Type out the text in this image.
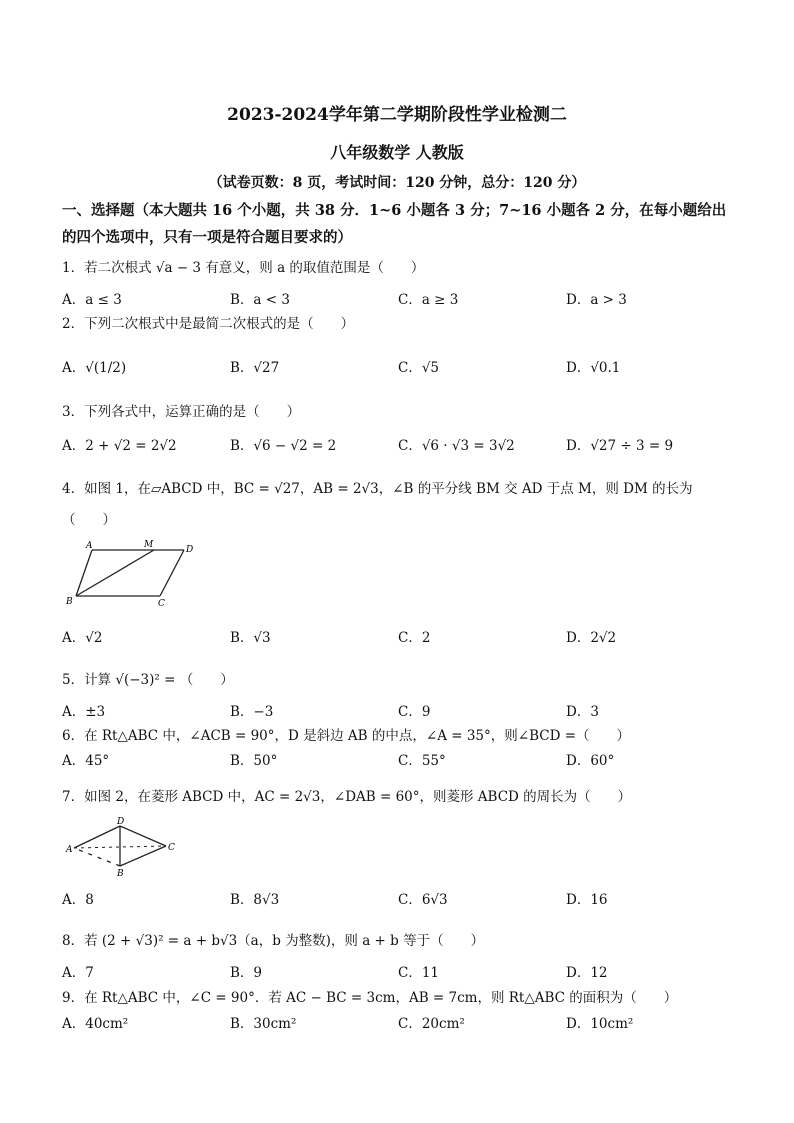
2023-2024学年第二学期阶段性学业检测二
八年级数学 人教版
（试卷页数：8 页，考试时间：120 分钟，总分：120 分）
一、选择题（本大题共 16 个小题，共 38 分．1~6 小题各 3 分；7~16 小题各 2 分，在每小题给出的四个选项中，只有一项是符合题目要求的）
1．若二次根式 √a − 3 有意义，则 a 的取值范围是（　　）
A．a ≤ 3	B．a < 3	C．a ≥ 3	D．a > 3
2．下列二次根式中是最简二次根式的是（　　）
A．√(1/2)	B．√27	C．√5	D．√0.1
3．下列各式中，运算正确的是（　　）
A．2 + √2 = 2√2	B．√6 − √2 = 2	C．√6 · √3 = 3√2	D．√27 ÷ 3 = 9
4．如图 1，在▱ABCD 中，BC = √27，AB = 2√3，∠B 的平分线 BM 交 AD 于点 M，则 DM 的长为
（　　）
A	M	D
B	C
A．√2	B．√3	C．2	D．2√2
5．计算 √(−3)² = （　　）
A．±3	B．−3	C．9	D．3
6．在 Rt△ABC 中，∠ACB = 90°，D 是斜边 AB 的中点，∠A = 35°，则∠BCD =（　　）
A．45°	B．50°	C．55°	D．60°
7．如图 2，在菱形 ABCD 中，AC = 2√3，∠DAB = 60°，则菱形 ABCD 的周长为（　　）
D
A	C
B
A．8	B．8√3	C．6√3	D．16
8．若 (2 + √3)² = a + b√3（a，b 为整数)，则 a + b 等于（　　）
A．7	B．9	C．11	D．12
9．在 Rt△ABC 中，∠C = 90°．若 AC − BC = 3cm，AB = 7cm，则 Rt△ABC 的面积为（　　）
A．40cm²	B．30cm²	C．20cm²	D．10cm²
